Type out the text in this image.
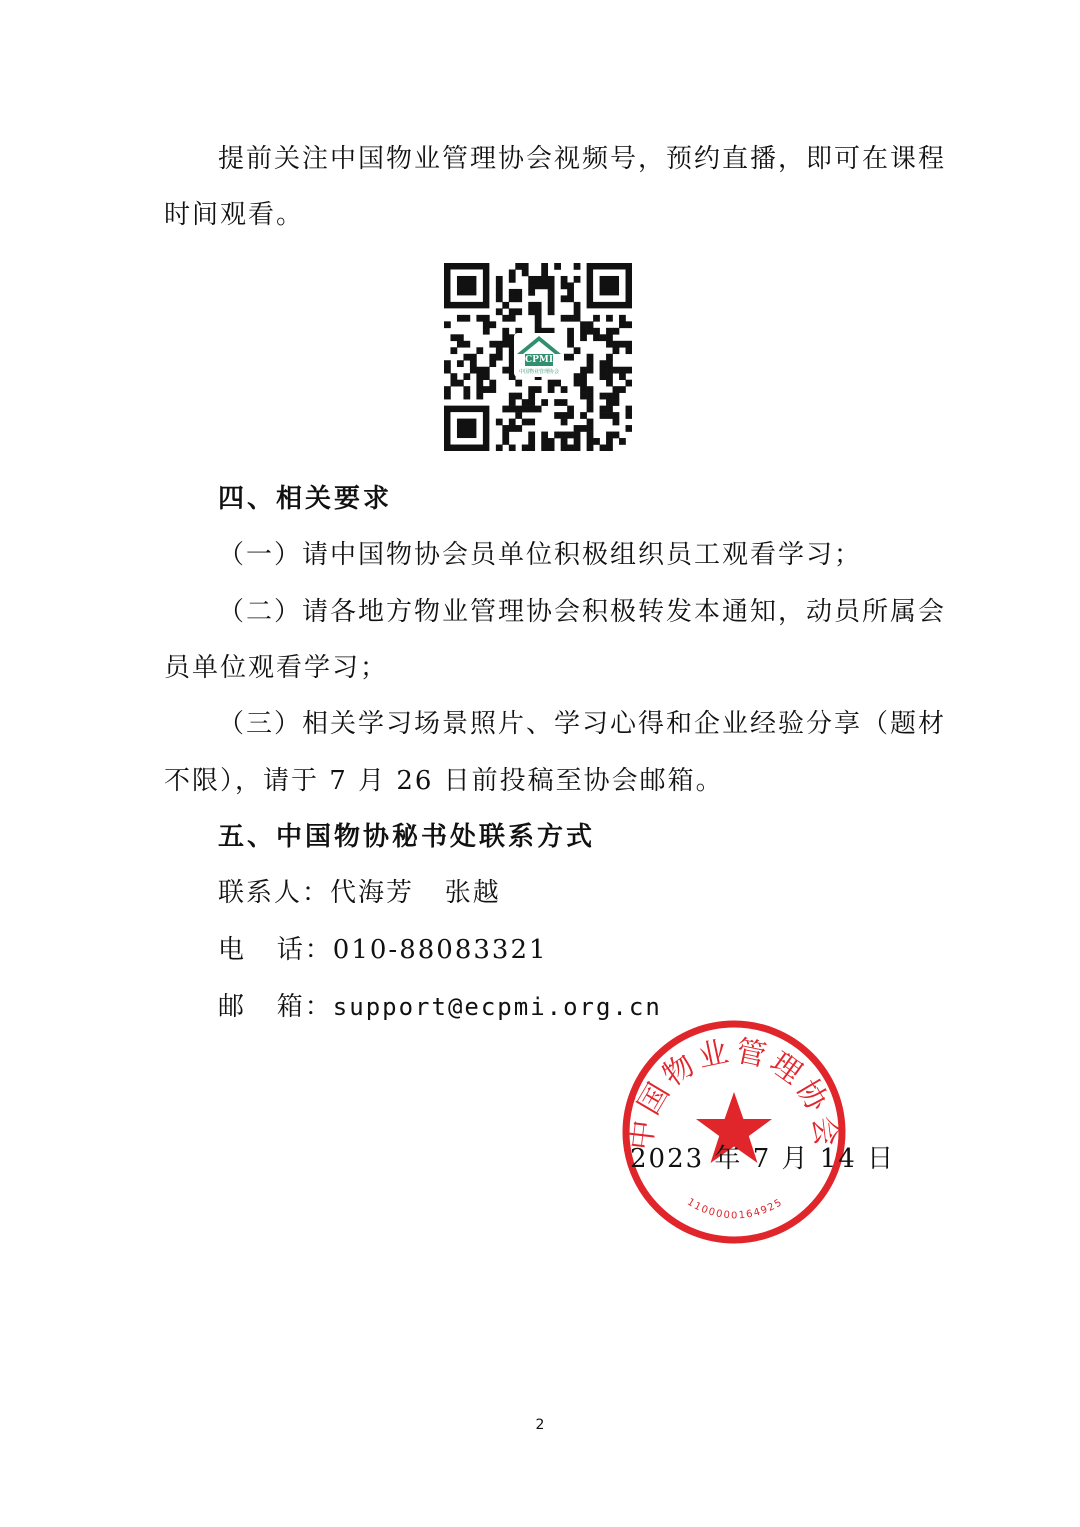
提前关注中国物业管理协会视频号，预约直播，即可在课程
时间观看。
CPMI
中国物业管理协会
四、相关要求
（一）请中国物协会员单位积极组织员工观看学习；
（二）请各地方物业管理协会积极转发本通知，动员所属会
员单位观看学习；
（三）相关学习场景照片、学习心得和企业经验分享（题材
不限），请于 7 月 26 日前投稿至协会邮箱。
五、中国物协秘书处联系方式
联系人：代海芳   张越
电   话：010-88083321
邮   箱：support@ecpmi.org.cn
中国物业管理协会
1100000164925
2023 年 7 月 14 日
2
